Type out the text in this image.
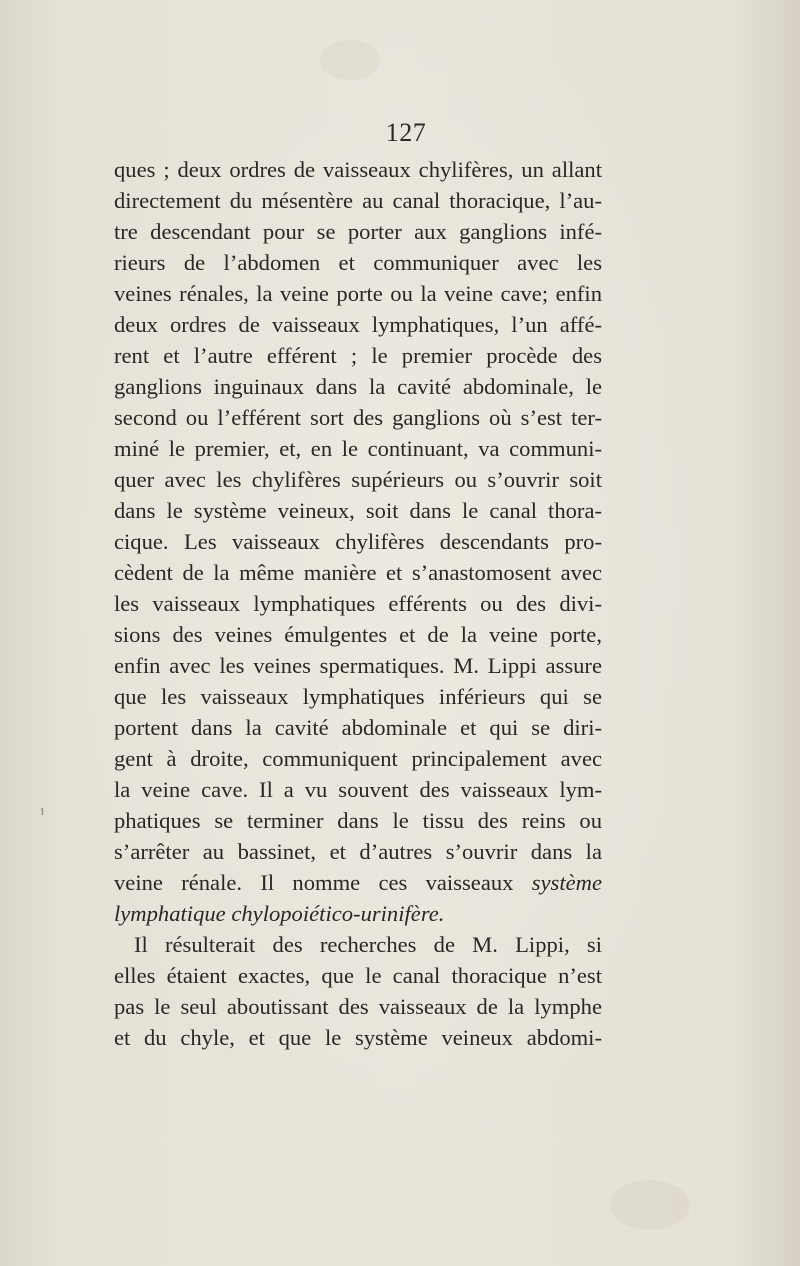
127
¹
ques ; deux ordres de vaisseaux chylifères, un allant
directement du mésentère au canal thoracique, l’au-
tre descendant pour se porter aux ganglions infé-
rieurs de l’abdomen et communiquer avec les
veines rénales, la veine porte ou la veine cave; enfin
deux ordres de vaisseaux lymphatiques, l’un affé-
rent et l’autre efférent ; le premier procède des
ganglions inguinaux dans la cavité abdominale, le
second ou l’efférent sort des ganglions où s’est ter-
miné le premier, et, en le continuant, va communi-
quer avec les chylifères supérieurs ou s’ouvrir soit
dans le système veineux, soit dans le canal thora-
cique. Les vaisseaux chylifères descendants pro-
cèdent de la même manière et s’anastomosent avec
les vaisseaux lymphatiques efférents ou des divi-
sions des veines émulgentes et de la veine porte,
enfin avec les veines spermatiques. M. Lippi assure
que les vaisseaux lymphatiques inférieurs qui se
portent dans la cavité abdominale et qui se diri-
gent à droite, communiquent principalement avec
la veine cave. Il a vu souvent des vaisseaux lym-
phatiques se terminer dans le tissu des reins ou
s’arrêter au bassinet, et d’autres s’ouvrir dans la
veine rénale. Il nomme ces vaisseaux système
lymphatique chylopoiético-urinifère.
Il résulterait des recherches de M. Lippi, si
elles étaient exactes, que le canal thoracique n’est
pas le seul aboutissant des vaisseaux de la lymphe
et du chyle, et que le système veineux abdomi-
